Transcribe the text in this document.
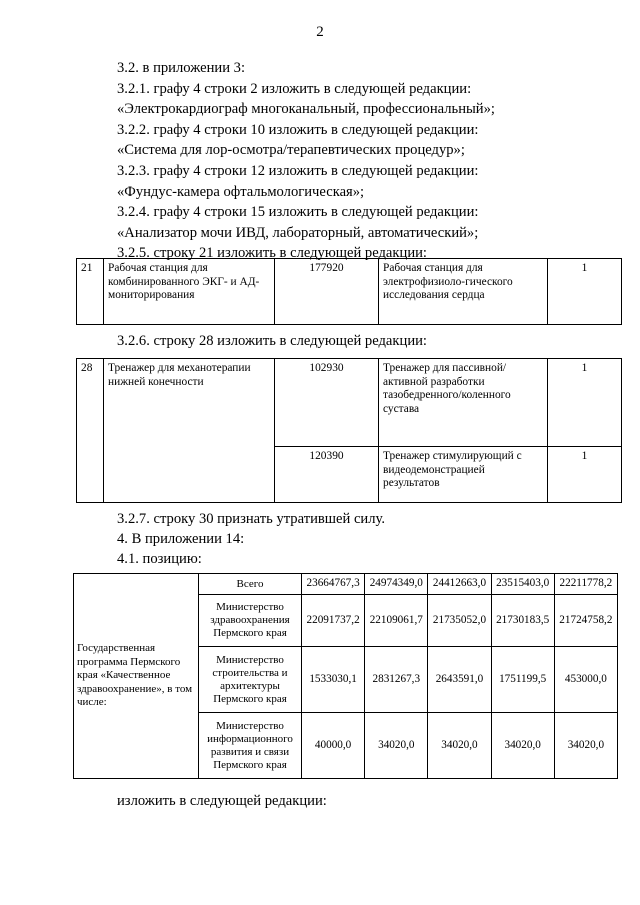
2
3.2. в приложении 3:
3.2.1. графу 4 строки 2 изложить в следующей редакции:
«Электрокардиограф многоканальный, профессиональный»;
3.2.2. графу 4 строки 10 изложить в следующей редакции:
«Система для лор-осмотра/терапевтических процедур»;
3.2.3. графу 4 строки 12 изложить в следующей редакции:
«Фундус-камера офтальмологическая»;
3.2.4. графу 4 строки 15 изложить в следующей редакции:
«Анализатор мочи ИВД, лабораторный, автоматический»;
3.2.5. строку 21 изложить в следующей редакции:
21	Рабочая станция для комбинированного ЭКГ- и АД-мониторирования	177920	Рабочая станция для электрофизиоло-гического исследования сердца	1
3.2.6. строку 28 изложить в следующей редакции:
28	Тренажер для механотерапии нижней конечности	102930	Тренажер для пассивной/активной разработки тазобедренного/коленного сустава	1
		120390	Тренажер стимулирующий с видеодемонстрацией результатов	1
3.2.7. строку 30 признать утратившей силу.
4. В приложении 14:
4.1. позицию:
Государственная программа Пермского края «Качественное здравоохранение», в том числе:	Всего	23664767,3	24974349,0	24412663,0	23515403,0	22211778,2
	Министерство здравоохранения Пермского края	22091737,2	22109061,7	21735052,0	21730183,5	21724758,2
	Министерство строительства и архитектуры Пермского края	1533030,1	2831267,3	2643591,0	1751199,5	453000,0
	Министерство информационного развития и связи Пермского края	40000,0	34020,0	34020,0	34020,0	34020,0
изложить в следующей редакции:
